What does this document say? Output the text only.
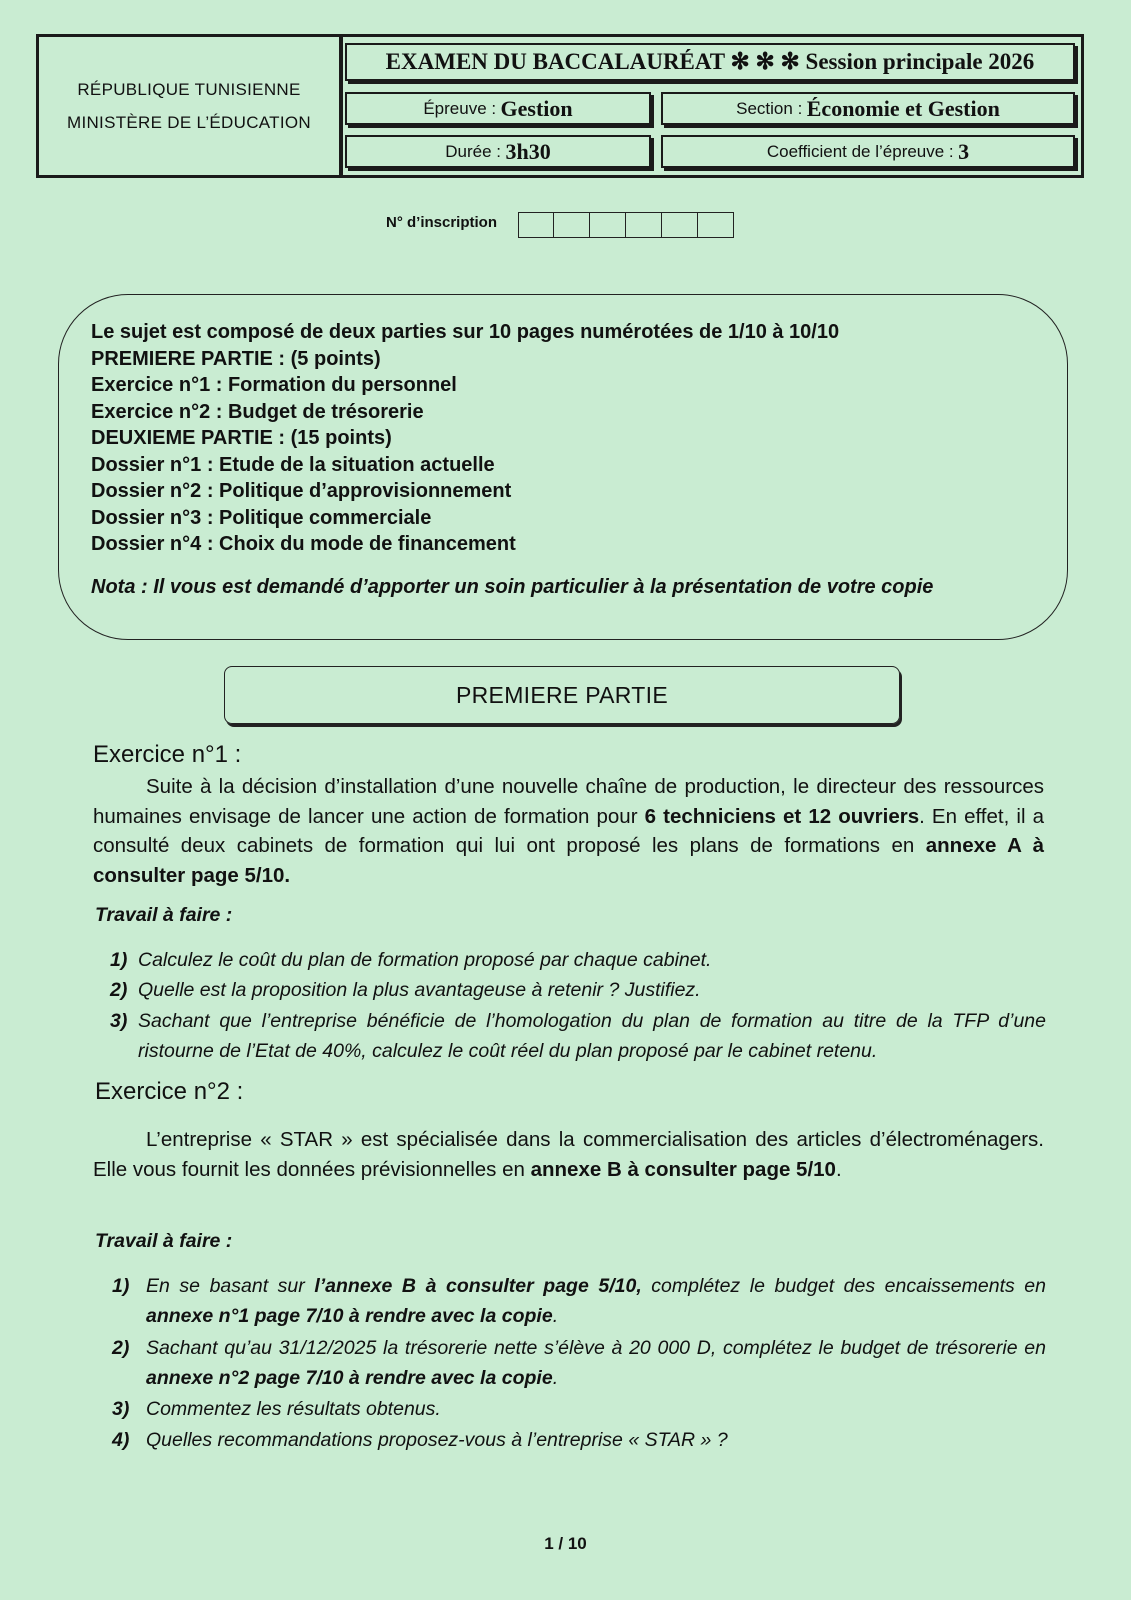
RÉPUBLIQUE TUNISIENNE
MINISTÈRE DE L’ÉDUCATION
EXAMEN DU BACCALAURÉAT ✻ ✻ ✻ Session principale 2026
Épreuve :
Gestion	Section :
Économie et Gestion
Durée :
3h30	Coefficient de l’épreuve :
3
N° d’inscription
Le sujet est composé de deux parties sur 10 pages numérotées de 1/10 à 10/10
PREMIERE PARTIE : (5 points)
Exercice n°1 : Formation du personnel
Exercice n°2 : Budget de trésorerie
DEUXIEME PARTIE : (15 points)
Dossier n°1 : Etude de la situation actuelle
Dossier n°2 : Politique d’approvisionnement
Dossier n°3 : Politique commerciale
Dossier n°4 : Choix du mode de financement
Nota : Il vous est demandé d’apporter un soin particulier à la présentation de votre copie
PREMIERE PARTIE
Exercice n°1 :
Suite à la décision d’installation d’une nouvelle chaîne de production, le directeur des ressources humaines envisage de lancer une action de formation pour 6 techniciens et 12 ouvriers. En effet, il a consulté deux cabinets de formation qui lui ont proposé les plans de formations en annexe A à consulter page 5/10.
Travail à faire :
1) Calculez le coût du plan de formation proposé par chaque cabinet.
2) Quelle est la proposition la plus avantageuse à retenir ? Justifiez.
3) Sachant que l’entreprise bénéficie de l’homologation du plan de formation au titre de la TFP d’une ristourne de l’Etat de 40%, calculez le coût réel du plan proposé par le cabinet retenu.
Exercice n°2 :
L’entreprise « STAR » est spécialisée dans la commercialisation des articles d’électroménagers. Elle vous fournit les données prévisionnelles en annexe B à consulter page 5/10.
Travail à faire :
1) En se basant sur l’annexe B à consulter page 5/10, complétez le budget des encaissements en annexe n°1 page 7/10 à rendre avec la copie.
2) Sachant qu’au 31/12/2025 la trésorerie nette s’élève à 20 000 D, complétez le budget de trésorerie en annexe n°2 page 7/10 à rendre avec la copie.
3) Commentez les résultats obtenus.
4) Quelles recommandations proposez-vous à l’entreprise « STAR » ?
1 / 10
